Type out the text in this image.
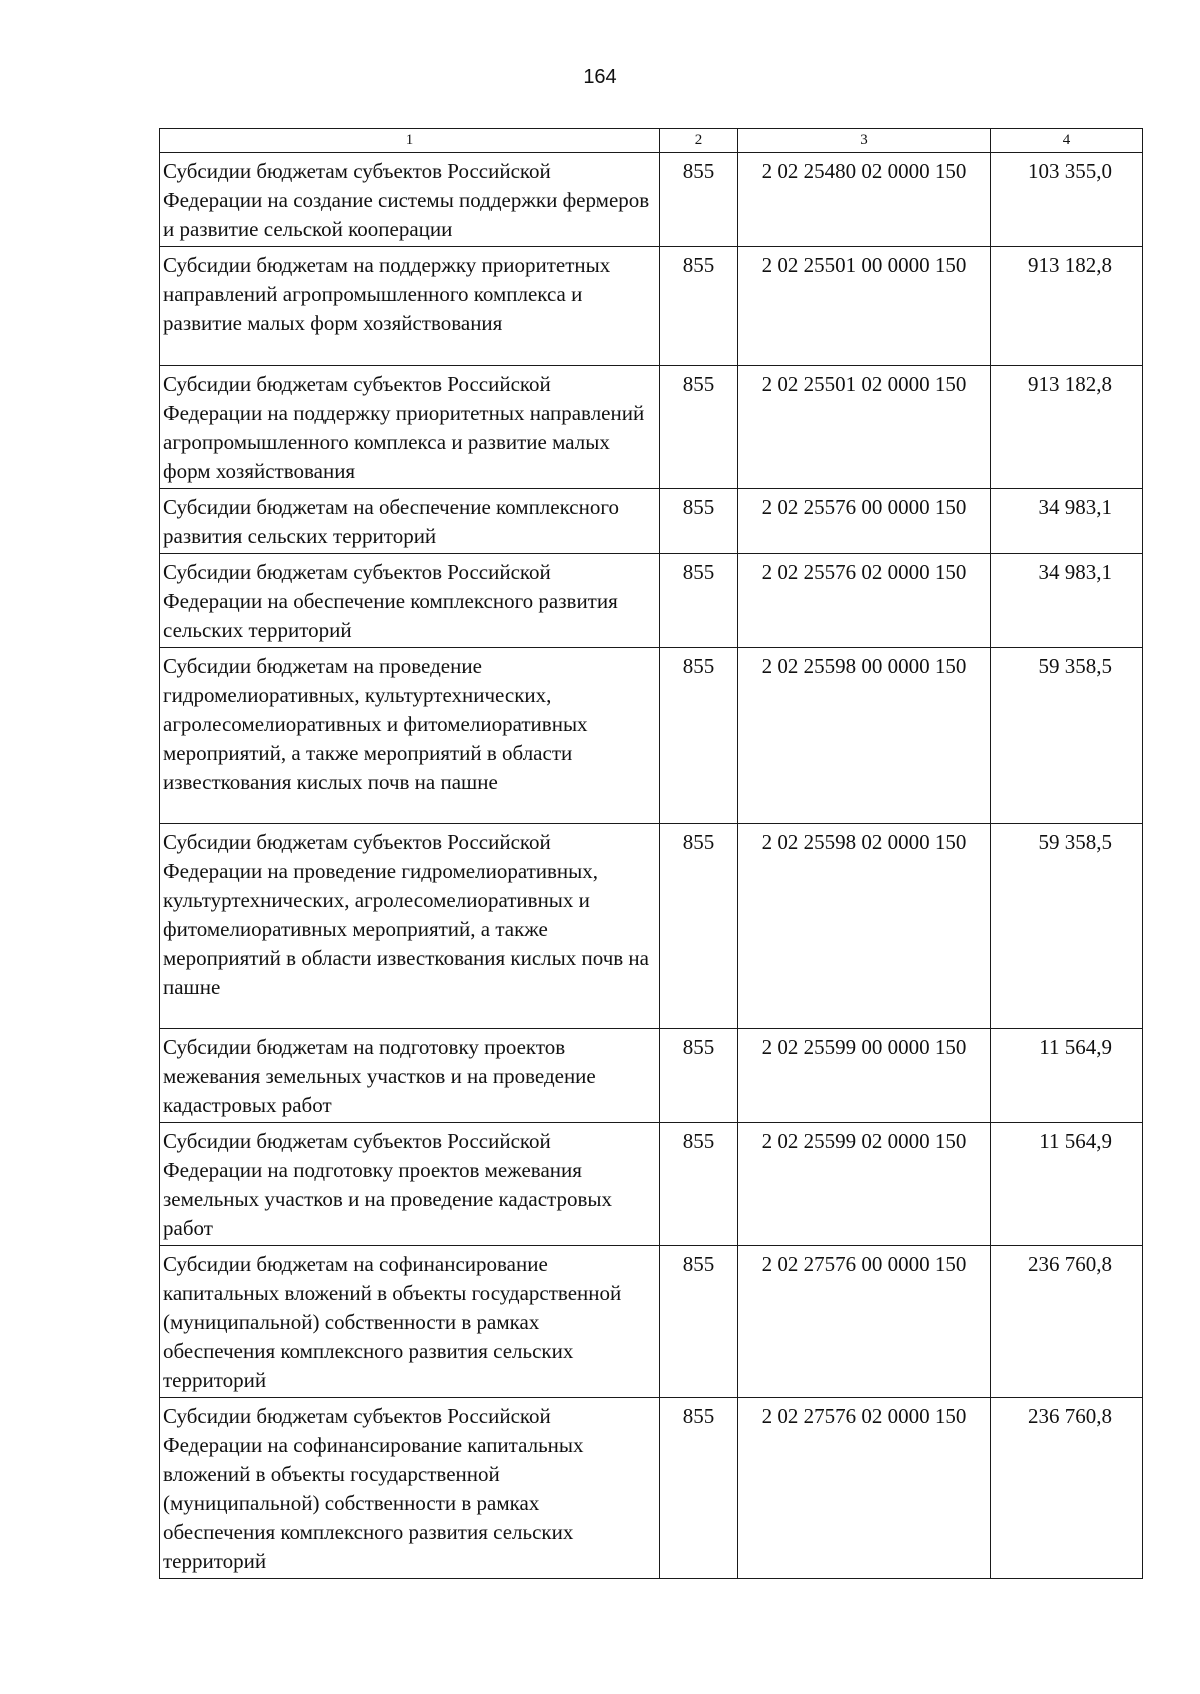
164
1	2	3	4
Субсидии бюджетам субъектов Российской Федерации на создание системы поддержки фермеров и развитие сельской кооперации	855	2 02 25480 02 0000 150	103 355,0
Субсидии бюджетам на поддержку приоритетных направлений агропромышленного комплекса и развитие малых форм хозяйствования	855	2 02 25501 00 0000 150	913 182,8
Субсидии бюджетам субъектов Российской Федерации на поддержку приоритетных направлений агропромышленного комплекса и развитие малых форм хозяйствования	855	2 02 25501 02 0000 150	913 182,8
Субсидии бюджетам на обеспечение комплексного развития сельских территорий	855	2 02 25576 00 0000 150	34 983,1
Субсидии бюджетам субъектов Российской Федерации на обеспечение комплексного развития сельских территорий	855	2 02 25576 02 0000 150	34 983,1
Субсидии бюджетам на проведение гидромелиоративных, культуртехнических, агролесомелиоративных и фитомелиоративных мероприятий, а также мероприятий в области известкования кислых почв на пашне	855	2 02 25598 00 0000 150	59 358,5
Субсидии бюджетам субъектов Российской Федерации на проведение гидромелиоративных, культуртехнических, агролесомелиоративных и фитомелиоративных мероприятий, а также мероприятий в области известкования кислых почв на пашне	855	2 02 25598 02 0000 150	59 358,5
Субсидии бюджетам на подготовку проектов межевания земельных участков и на проведение кадастровых работ	855	2 02 25599 00 0000 150	11 564,9
Субсидии бюджетам субъектов Российской Федерации на подготовку проектов межевания земельных участков и на проведение кадастровых работ	855	2 02 25599 02 0000 150	11 564,9
Субсидии бюджетам на софинансирование капитальных вложений в объекты государственной (муниципальной) собственности в рамках обеспечения комплексного развития сельских территорий	855	2 02 27576 00 0000 150	236 760,8
Субсидии бюджетам субъектов Российской Федерации на софинансирование капитальных вложений в объекты государственной (муниципальной) собственности в рамках обеспечения комплексного развития сельских территорий	855	2 02 27576 02 0000 150	236 760,8
